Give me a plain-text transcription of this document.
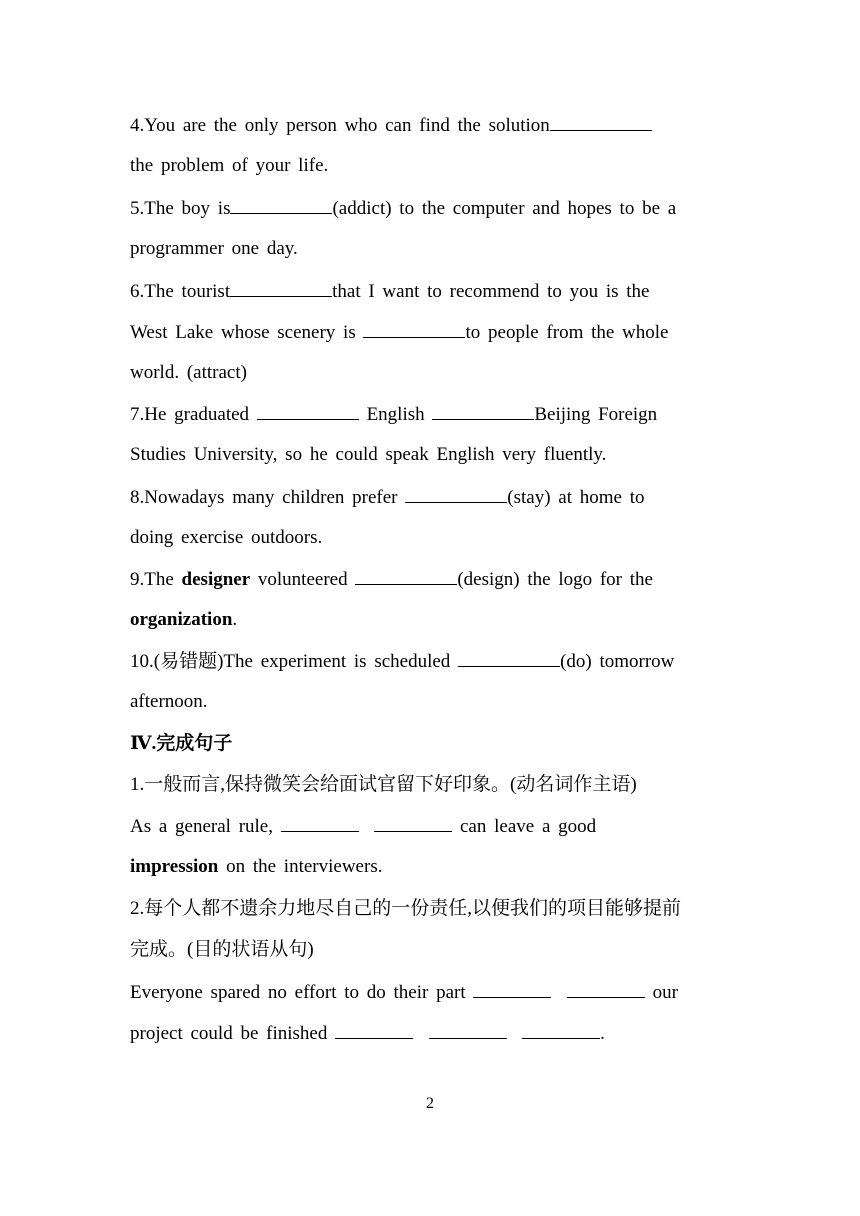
4.You are the only person who can find the solution
the problem of your life.
5.The boy is	(addict) to the computer and hopes to be a
programmer one day.
6.The tourist	that I want to recommend to you is the
West Lake whose scenery is	to people from the whole
world. (attract)
7.He graduated	English	Beijing Foreign
Studies University, so he could speak English very fluently.
8.Nowadays many children prefer	(stay) at home to
doing exercise outdoors.
9.The designer volunteered	(design) the logo for the
organization.
10.(易错题)The experiment is scheduled	(do) tomorrow
afternoon.
Ⅳ.完成句子
1.一般而言,保持微笑会给面试官留下好印象。(动名词作主语)
As a general rule,	can leave a good
impression on the interviewers.
2.每个人都不遗余力地尽自己的一份责任,以便我们的项目能够提前
完成。(目的状语从句)
Everyone spared no effort to do their part	our
project could be finished	.
2
